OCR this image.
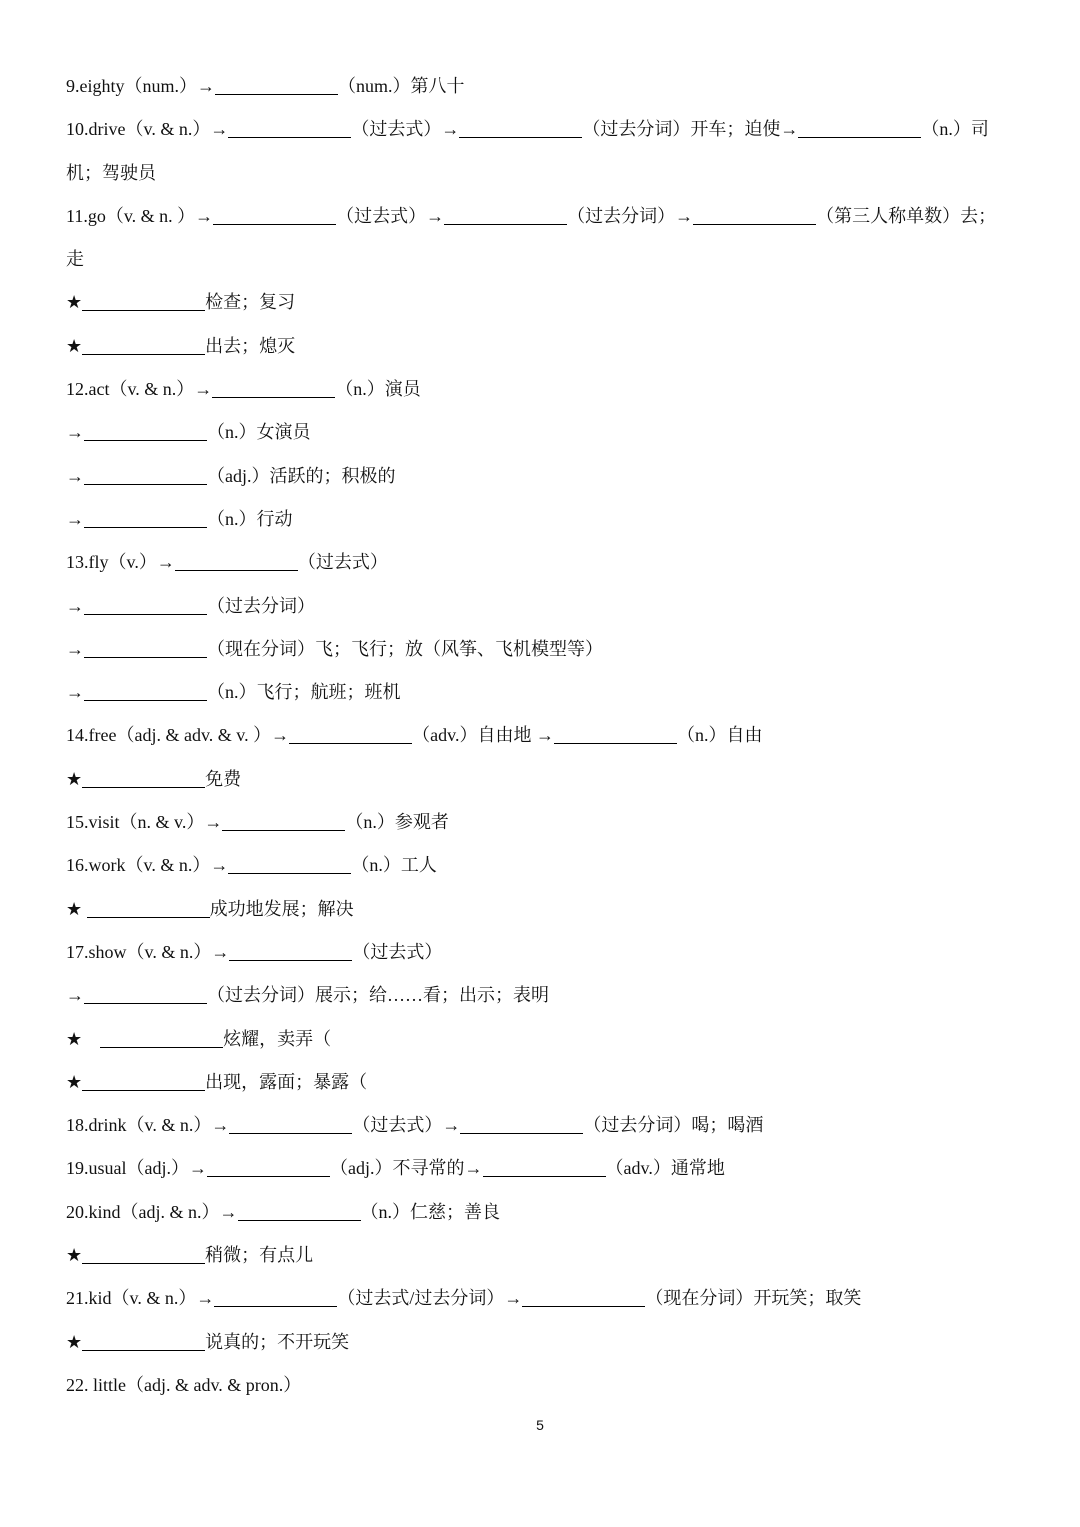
9.eighty（num.）→	（num.）第八十
10.drive（v. & n.）→	（过去式）→	（过去分词）开车；迫使→	（n.）司
机；驾驶员
11.go（v. & n. ）→	（过去式）→	（过去分词）→	（第三人称单数）去；
走
★	检查；复习
★	出去；熄灭
12.act（v. & n.）→	（n.）演员
→	（n.）女演员
→	（adj.）活跃的；积极的
→	（n.）行动
13.fly（v.）→	（过去式）
→	（过去分词）
→	（现在分词）飞；飞行；放（风筝、飞机模型等）
→	（n.）飞行；航班；班机
14.free（adj. & adv. & v. ）→	（adv.）自由地 →	（n.）自由
★	免费
15.visit（n. & v.）→	（n.）参观者
16.work（v. & n.）→	（n.）工人
★	成功地发展；解决
17.show（v. & n.）→	（过去式）
→	（过去分词）展示；给……看；出示；表明
★	炫耀，卖弄（
★	出现，露面；暴露（
18.drink（v. & n.）→	（过去式）→	（过去分词）喝；喝酒
19.usual（adj.）→	（adj.）不寻常的→	（adv.）通常地
20.kind（adj. & n.）→	（n.）仁慈；善良
★	稍微；有点儿
21.kid（v. & n.）→	（过去式/过去分词）→	（现在分词）开玩笑；取笑
★	说真的；不开玩笑
22. little（adj. & adv. & pron.）
5
